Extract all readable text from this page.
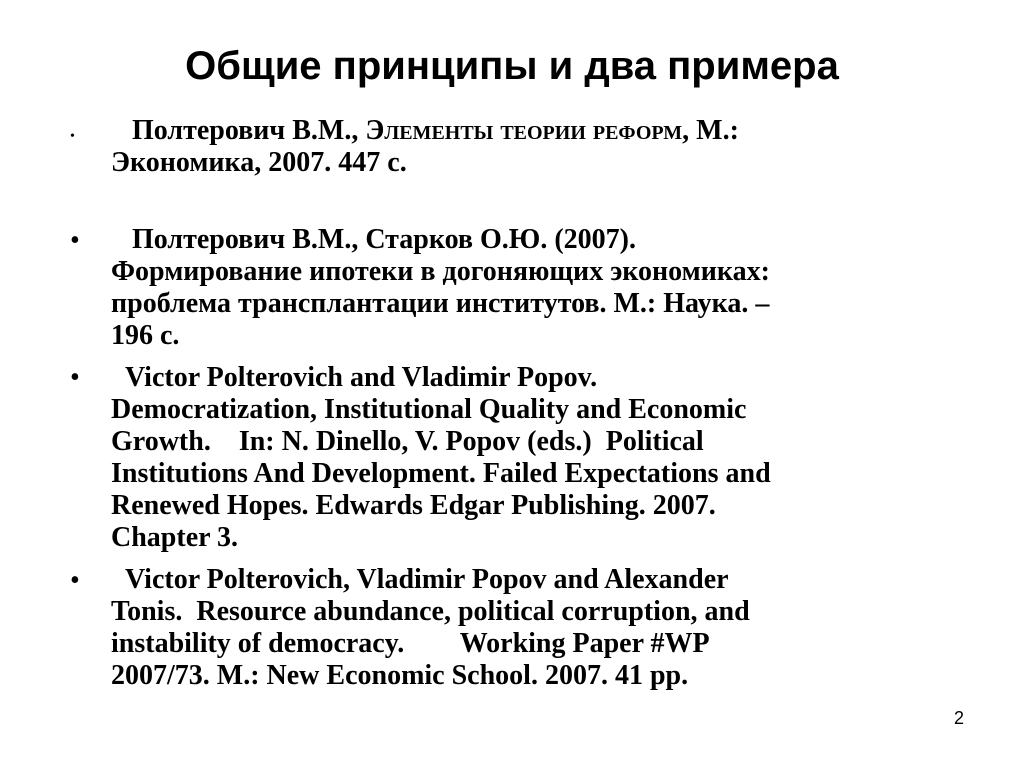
Общие принципы и два примера
• Полтерович В.М., Элементы теории реформ, М.:
Экономика, 2007. 447 с.

• Полтерович В.М., Старков О.Ю. (2007).
Формирование ипотеки в догоняющих экономиках:
проблема трансплантации институтов. М.: Наука. –
196 с.

• Victor Polterovich and Vladimir Popov.
Democratization, Institutional Quality and Economic
Growth.    In: N. Dinello, V. Popov (eds.)  Political
Institutions And Development. Failed Expectations and
Renewed Hopes. Edwards Edgar Publishing. 2007.
Chapter 3.

• Victor Polterovich, Vladimir Popov and Alexander
Tonis.  Resource abundance, political corruption, and
instability of democracy.        Working Paper #WP
2007/73. M.: New Economic School. 2007. 41 pp.

2
